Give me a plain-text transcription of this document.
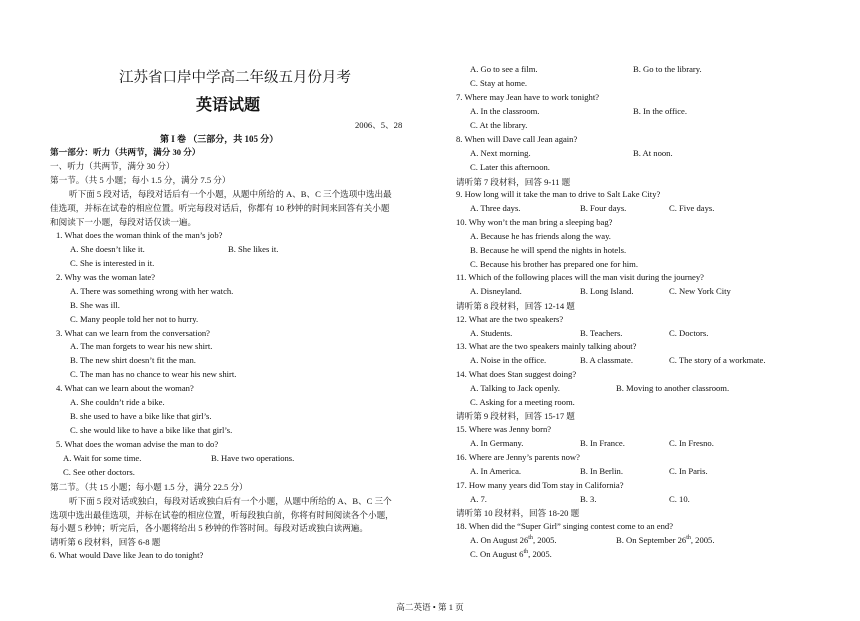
江苏省口岸中学高二年级五月份月考
英语试题
2006、5、28
第 I 卷 （三部分，共 105 分）
第一部分：听力（共两节，满分 30 分）
一、听力（共两节，满分 30 分）
第一节。（共 5 小题；每小 1.5 分，满分 7.5 分）
听下面 5 段对话，每段对话后有一个小题，从题中所给的 A、B、C 三个选项中选出最
佳选项，并标在试卷的相应位置。听完每段对话后，你都有 10 秒钟的时间来回答有关小题
和阅读下一小题，每段对话仅读一遍。
1. What does the woman think of the man’s job?
A. She doesn’t like it.	B. She likes it.
C. She is interested in it.
2. Why was the woman late?
A. There was something wrong with her watch.
B. She was ill.
C. Many people told her not to hurry.
3. What can we learn from the conversation?
A. The man forgets to wear his new shirt.
B. The new shirt doesn’t fit the man.
C. The man has no chance to wear his new shirt.
4. What can we learn about the woman?
A. She couldn’t ride a bike.
B. she used to have a bike like that girl’s.
C. she would like to have a bike like that girl’s.
5. What does the woman advise the man to do?
A. Wait for some time.	B. Have two operations.
C. See other doctors.
第二节。（共 15 小题；每小题 1.5 分，满分 22.5 分）
听下面 5 段对话或独白，每段对话或独白后有一个小题，从题中所给的 A、B、C 三个
选项中选出最佳选项，并标在试卷的相应位置，听每段独白前，你将有时间阅读各个小题，
每小题 5 秒钟；听完后，各小题将给出 5 秒钟的作答时间。每段对话或独白读两遍。
请听第 6 段材料，回答 6-8 题
6. What would Dave like Jean to do tonight?
A. Go to see a film.	B. Go to the library.
C. Stay at home.
7. Where may Jean have to work tonight?
A. In the classroom.	B. In the office.
C. At the library.
8. When will Dave call Jean again?
A. Next morning.	B. At noon.
C. Later this afternoon.
请听第 7 段材料，回答 9-11 题
9. How long will it take the man to drive to Salt Lake City?
A. Three days.	B. Four days.	C. Five days.
10. Why won’t the man bring a sleeping bag?
A. Because he has friends along the way.
B. Because he will spend the nights in hotels.
C. Because his brother has prepared one for him.
11. Which of the following places will the man visit during the journey?
A. Disneyland.	B. Long Island.	C. New York City
请听第 8 段材料，回答 12-14 题
12. What are the two speakers?
A. Students.	B. Teachers.	C. Doctors.
13. What are the two speakers mainly talking about?
A. Noise in the office.	B. A classmate.	C. The story of a workmate.
14. What does Stan suggest doing?
A. Talking to Jack openly.	B. Moving to another classroom.
C. Asking for a meeting room.
请听第 9 段材料，回答 15-17 题
15. Where was Jenny born?
A. In Germany.	B. In France.	C. In Fresno.
16. Where are Jenny’s parents now?
A. In America.	B. In Berlin.	C. In Paris.
17. How many years did Tom stay in California?
A. 7.	B. 3.	C. 10.
请听第 10 段材料，回答 18-20 题
18. When did the “Super Girl” singing contest come to an end?
A. On August 26th, 2005.	B. On September 26th, 2005.
C. On August 6th, 2005.
高二英语 • 第 1 页
